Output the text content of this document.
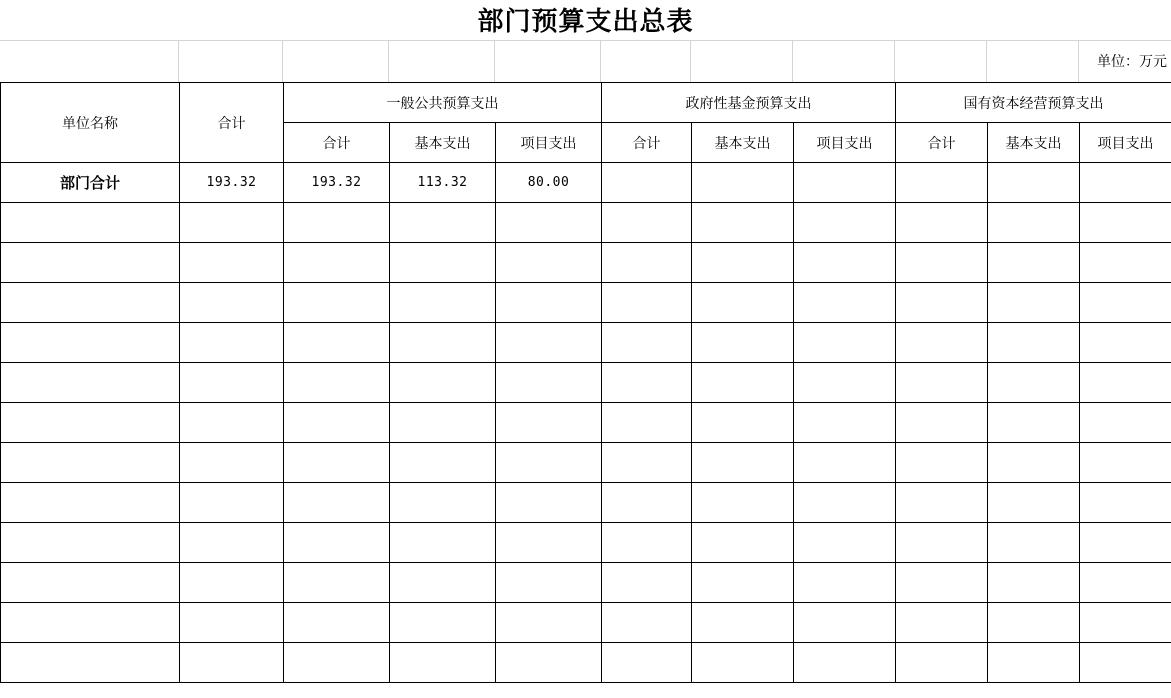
部门预算支出总表
单位：万元
单位名称	合计	一般公共预算支出			政府性基金预算支出			国有资本经营预算支出		
		合计	基本支出	项目支出	合计	基本支出	项目支出	合计	基本支出	项目支出
部门合计	193.32	193.32	113.32	80.00						
